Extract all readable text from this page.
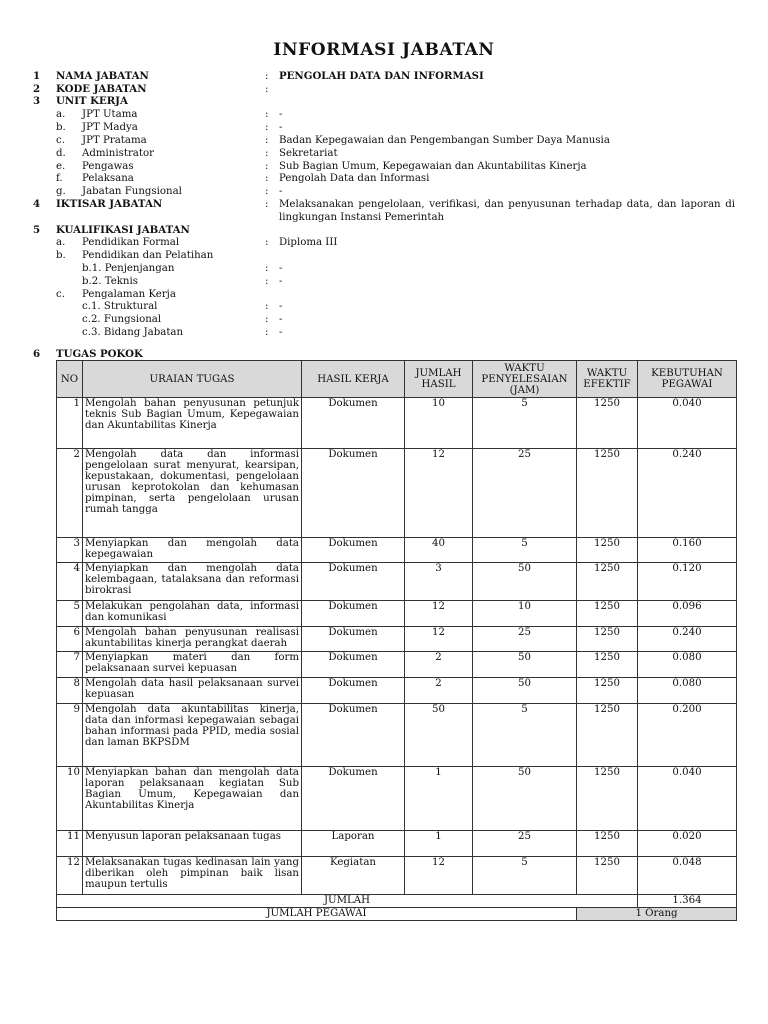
INFORMASI JABATAN
1 NAMA JABATAN	: PENGOLAH DATA DAN INFORMASI
2 KODE JABATAN	:
3 UNIT KERJA
a. JPT Utama	: -
b. JPT Madya	: -
c. JPT Pratama	: Badan Kepegawaian dan Pengembangan Sumber Daya Manusia
d. Administrator	: Sekretariat
e. Pengawas	: Sub Bagian Umum, Kepegawaian dan Akuntabilitas Kinerja
f. Pelaksana	: Pengolah Data dan Informasi
g. Jabatan Fungsional	: -
4 IKTISAR JABATAN	: Melaksanakan pengelolaan, verifikasi, dan penyusunan terhadap data, dan laporan di lingkungan Instansi Pemerintah
5 KUALIFIKASI JABATAN
a. Pendidikan Formal	: Diploma III
b. Pendidikan dan Pelatihan
b.1. Penjenjangan	: -
b.2. Teknis	: -
c. Pengalaman Kerja
c.1. Struktural	: -
c.2. Fungsional	: -
c.3. Bidang Jabatan	: -
6 TUGAS POKOK
NO	URAIAN TUGAS	HASIL KERJA	JUMLAH HASIL	WAKTU PENYELESAIAN (JAM)	WAKTU EFEKTIF	KEBUTUHAN PEGAWAI
1	Mengolah bahan penyusunan petunjuk teknis Sub Bagian Umum, Kepegawaian dan Akuntabilitas Kinerja	Dokumen	10	5	1250	0.040
2	Mengolah data dan informasi pengelolaan surat menyurat, kearsipan, kepustakaan, dokumentasi, pengelolaan urusan keprotokolan dan kehumasan pimpinan, serta pengelolaan urusan rumah tangga	Dokumen	12	25	1250	0.240
3	Menyiapkan dan mengolah data kepegawaian	Dokumen	40	5	1250	0.160
4	Menyiapkan dan mengolah data kelembagaan, tatalaksana dan reformasi birokrasi	Dokumen	3	50	1250	0.120
5	Melakukan pengolahan data, informasi dan komunikasi	Dokumen	12	10	1250	0.096
6	Mengolah bahan penyusunan realisasi akuntabilitas kinerja perangkat daerah	Dokumen	12	25	1250	0.240
7	Menyiapkan materi dan form pelaksanaan survei kepuasan	Dokumen	2	50	1250	0.080
8	Mengolah data hasil pelaksanaan survei kepuasan	Dokumen	2	50	1250	0.080
9	Mengolah data akuntabilitas kinerja, data dan informasi kepegawaian sebagai bahan informasi pada PPID, media sosial dan laman BKPSDM	Dokumen	50	5	1250	0.200
10	Menyiapkan bahan dan mengolah data laporan pelaksanaan kegiatan Sub Bagian Umum, Kepegawaian dan Akuntabilitas Kinerja	Dokumen	1	50	1250	0.040
11	Menyusun laporan pelaksanaan tugas	Laporan	1	25	1250	0.020
12	Melaksanakan tugas kedinasan lain yang diberikan oleh pimpinan baik lisan maupun tertulis	Kegiatan	12	5	1250	0.048
JUMLAH						1.364
JUMLAH PEGAWAI					1 Orang	
